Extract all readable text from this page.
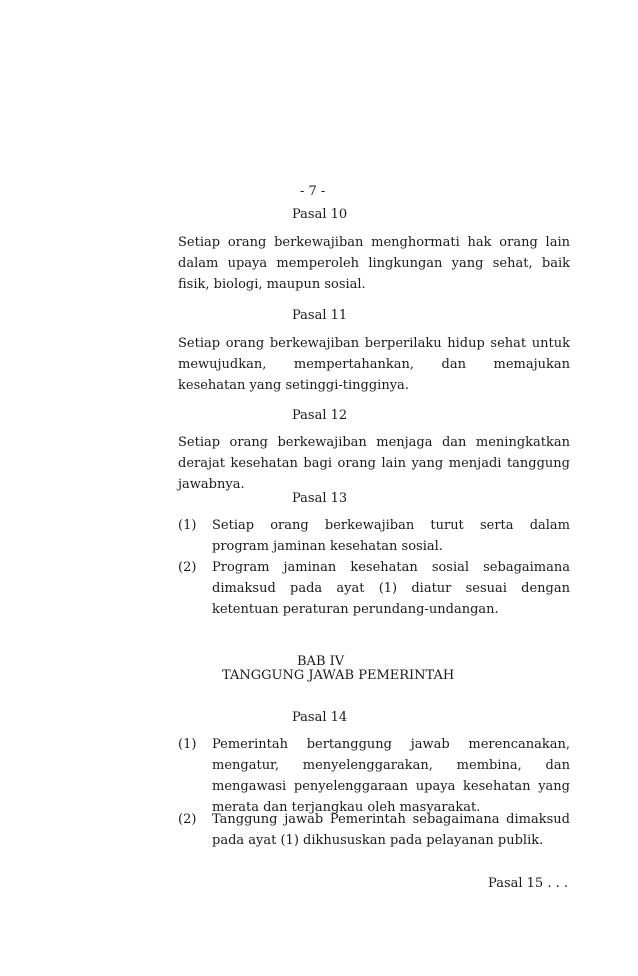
- 7 -
Pasal 10
Setiap orang berkewajiban menghormati hak orang lain dalam upaya memperoleh lingkungan yang sehat, baik fisik, biologi, maupun sosial.
Pasal 11
Setiap orang berkewajiban berperilaku hidup sehat untuk mewujudkan, mempertahankan, dan memajukan kesehatan yang setinggi-tingginya.
Pasal 12
Setiap orang berkewajiban menjaga dan meningkatkan derajat kesehatan bagi orang lain yang menjadi tanggung jawabnya.
Pasal 13
(1)	Setiap orang berkewajiban turut serta dalam program jaminan kesehatan sosial.
(2)	Program jaminan kesehatan sosial sebagaimana dimaksud pada ayat (1) diatur sesuai dengan ketentuan peraturan perundang-undangan.
BAB IV
TANGGUNG JAWAB PEMERINTAH
Pasal 14
(1)	Pemerintah bertanggung jawab merencanakan, mengatur, menyelenggarakan, membina, dan mengawasi penyelenggaraan upaya kesehatan yang merata dan terjangkau oleh masyarakat.
(2)	Tanggung jawab Pemerintah sebagaimana dimaksud pada ayat (1) dikhususkan pada pelayanan publik.
Pasal 15 . . .
